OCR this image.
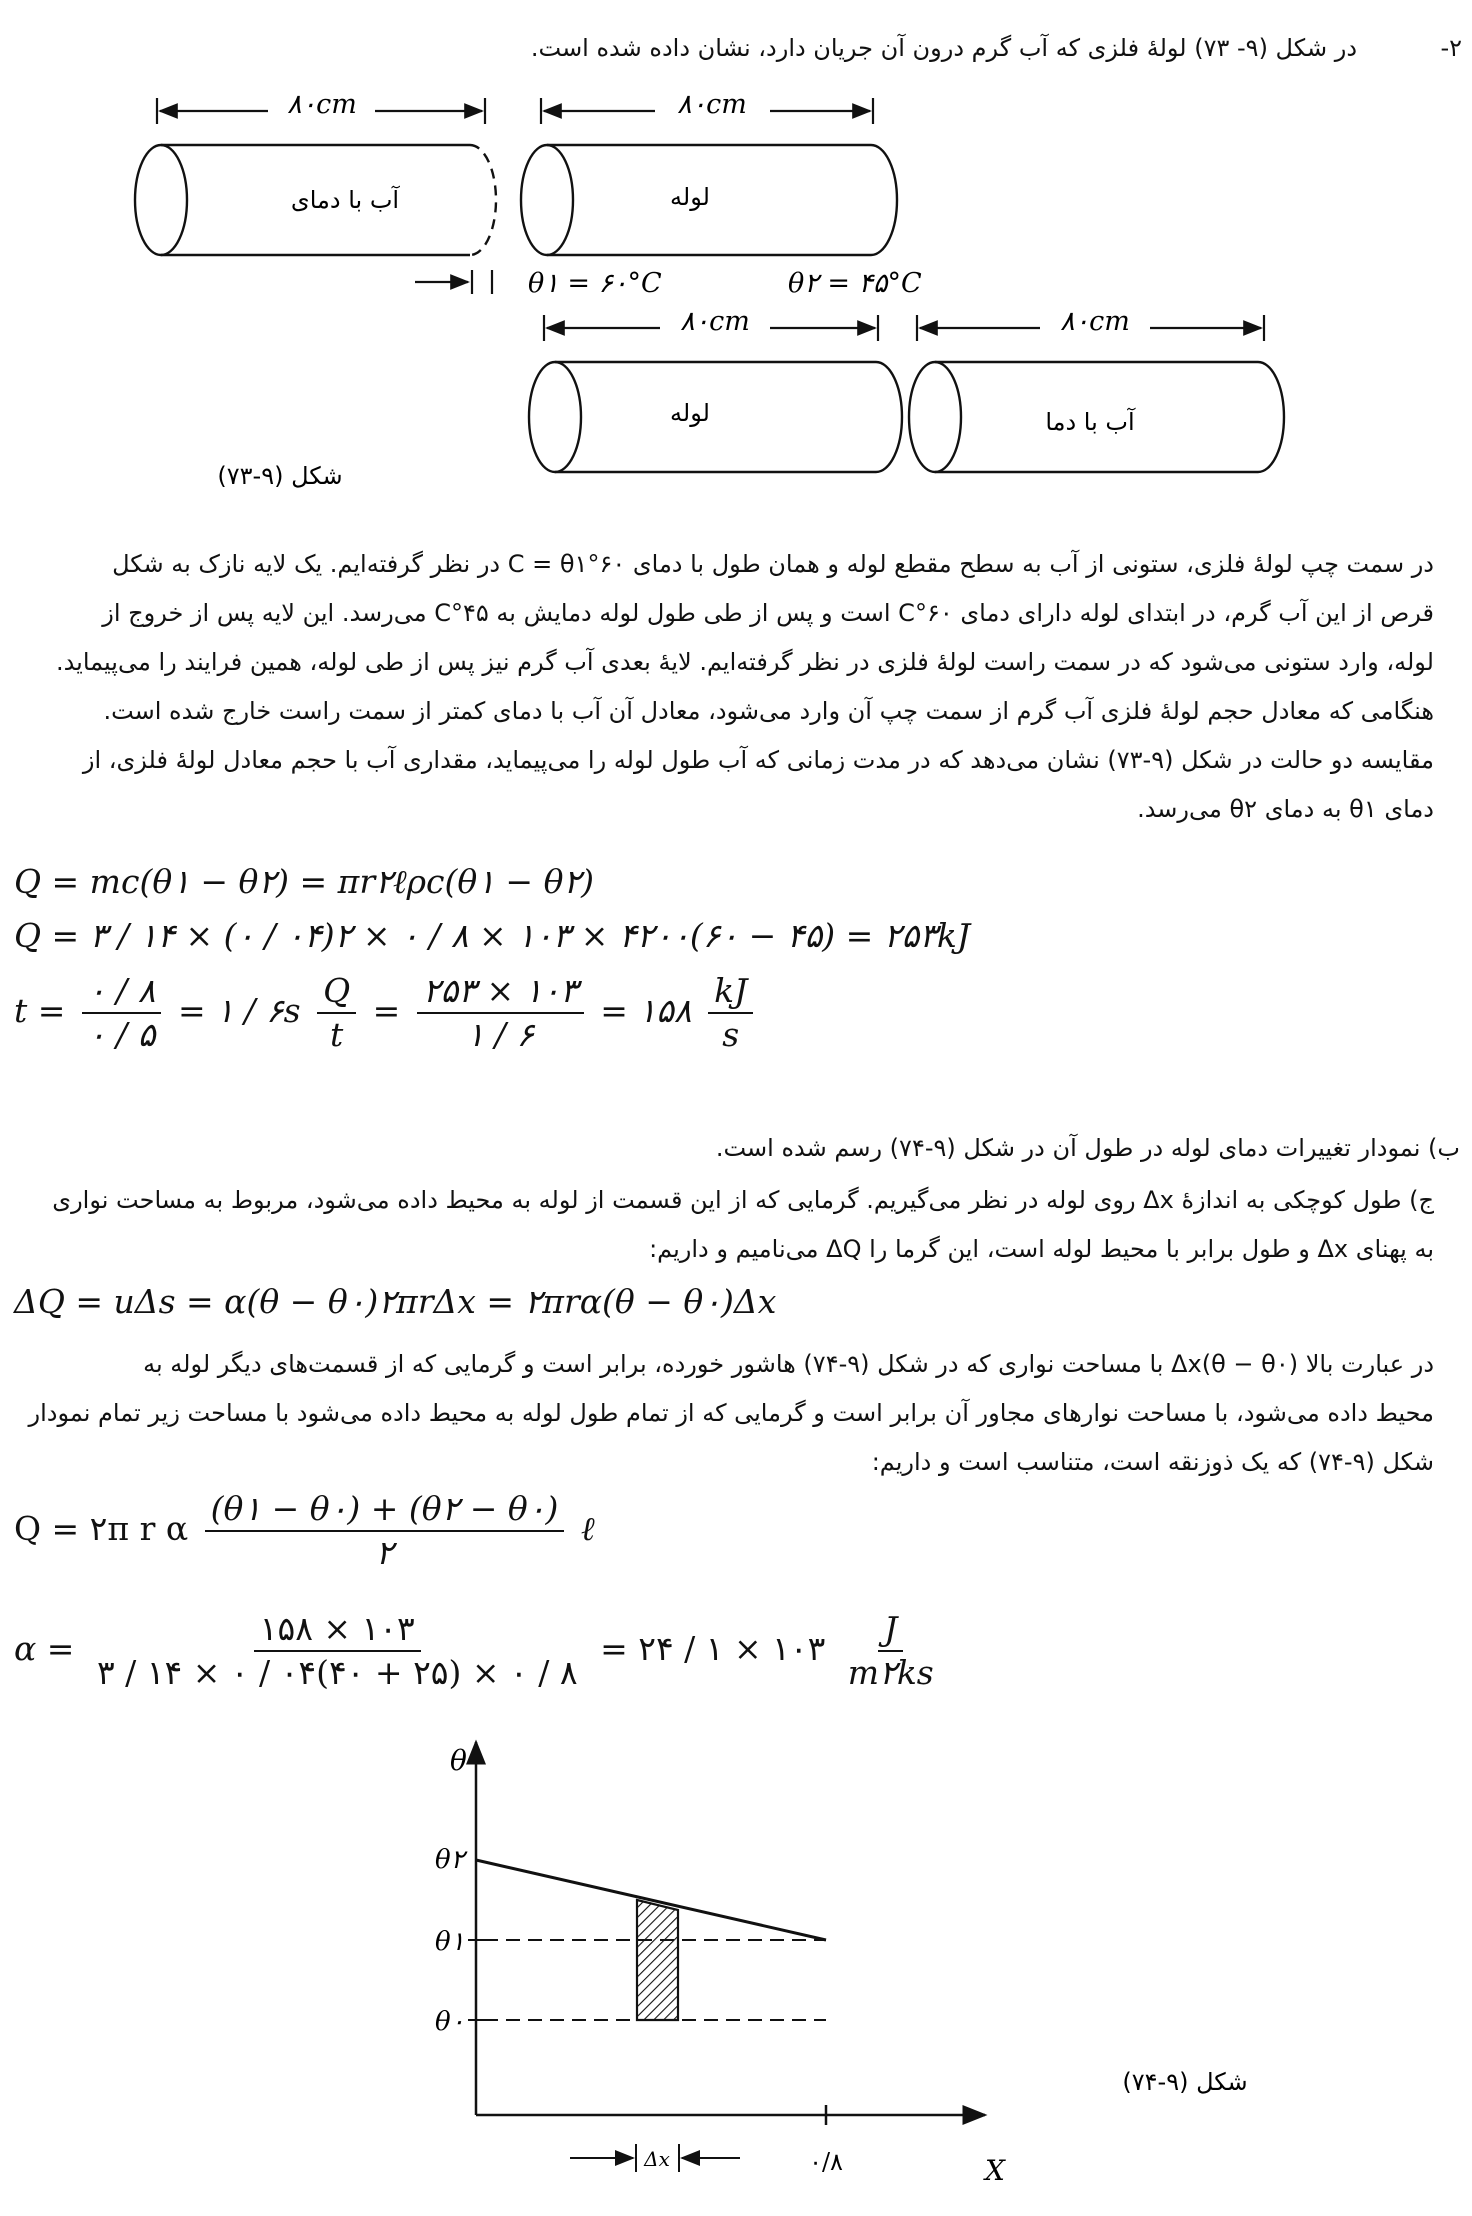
-۲
در شکل (۹- ۷۳) لولهٔ فلزی که آب گرم درون آن جریان دارد، نشان داده شده است.
۸۰cm	۸۰cm
آب با دمای	لوله
θ۱ = ۶۰°C	θ۲ = ۴۵°C
۸۰cm	۸۰cm
لوله	آب با دما
شکل (۹-۷۳)

در سمت چپ لولهٔ فلزی، ستونی از آب به سطح مقطع لوله و همان طول با دمای ۶۰°C = θ۱ در نظر گرفته‌ایم. یک لایه نازک به شکل

قرص از این آب گرم، در ابتدای لوله دارای دمای ۶۰°C است و پس از طی طول لوله دمایش به ۴۵°C می‌رسد. این لایه پس از خروج از

لوله، وارد ستونی می‌شود که در سمت راست لولهٔ فلزی در نظر گرفته‌ایم. لایهٔ بعدی آب گرم نیز پس از طی لوله، همین فرایند را می‌پیماید.

هنگامی که معادل حجم لولهٔ فلزی آب گرم از سمت چپ آن وارد می‌شود، معادل آن آب با دمای کمتر از سمت راست خارج شده است.

مقایسه دو حالت در شکل (۹-۷۳) نشان می‌دهد که در مدت زمانی که آب طول لوله را می‌پیماید، مقداری آب با حجم معادل لولهٔ فلزی، از

دمای θ۱ به دمای θ۲ می‌رسد.

Q = mc(θ۱ − θ۲) = πr۲ℓρc(θ۱ − θ۲)
Q = ۳ / ۱۴ × (۰ / ۰۴)۲ × ۰ / ۸ × ۱۰۳ × ۴۲۰۰(۶۰ − ۴۵) = ۲۵۳kJ
$t = \frac{۰ / ۸}{۰ / ۵}$ = ۱ / ۶s $\frac{Q}{t} = \frac{۲۵۳ \times ۱۰۳}{۱ / ۶}$ = ۱۵۸ $\frac{kJ}{s}$
ب) نمودار تغییرات دمای لوله در طول آن در شکل (۹-۷۴) رسم شده است.

ج) طول کوچکی به اندازهٔ Δx روی لوله در نظر می‌گیریم. گرمایی که از این قسمت از لوله به محیط داده می‌شود، مربوط به مساحت نواری

به پهنای Δx و طول برابر با محیط لوله است، این گرما را ΔQ می‌نامیم و داریم:

ΔQ = uΔs = α(θ − θ۰)۲πrΔx = ۲πrα(θ − θ۰)Δx

در عبارت بالا (θ − θ۰)Δx با مساحت نواری که در شکل (۹-۷۴) هاشور خورده، برابر است و گرمایی که از قسمت‌های دیگر لوله به

محیط داده می‌شود، با مساحت نوارهای مجاور آن برابر است و گرمایی که از تمام طول لوله به محیط داده می‌شود با مساحت زیر تمام نمودار

شکل (۹-۷۴) که یک ذوزنقه است، متناسب است و داریم:

Q = ۲π r α $\frac{(\theta ۱ - \theta ۰) + (\theta ۲ - \theta ۰)}{۲}$ ℓ
$\alpha = \frac{۱۵۸ \times ۱۰۳}{۳ / ۱۴ \times ۰ / ۰۴(۴۰ + ۲۵) \times ۰ / ۸}$ = ۲۴ / ۱ × ۱۰۳ $\frac{J}{m۲ks}$
θ
X
θ۲
θ۱
θ۰
۰/۸
Δx
شکل (۹-۷۴)
